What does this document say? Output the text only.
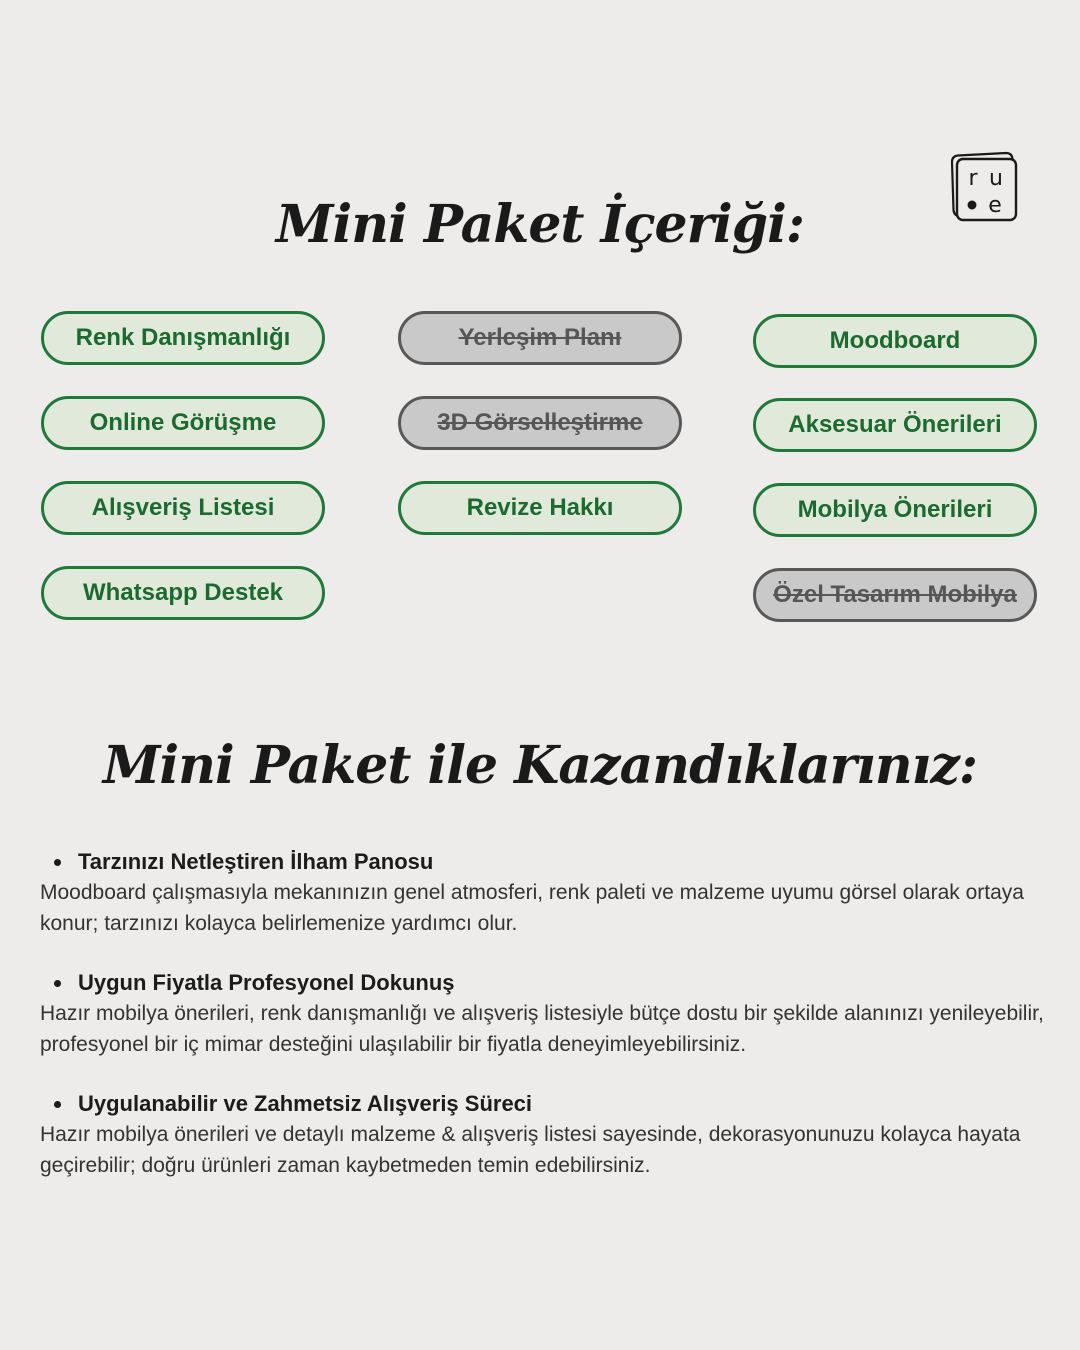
r u
e
Mini Paket İçeriği:
Renk Danışmanlığı
Online Görüşme
Alışveriş Listesi
Whatsapp Destek
Yerleşim Planı
3D Görselleştirme
Revize Hakkı
Moodboard
Aksesuar Önerileri
Mobilya Önerileri
Özel Tasarım Mobilya
Mini Paket ile Kazandıklarınız:
Tarzınızı Netleştiren İlham Panosu

Moodboard çalışmasıyla mekanınızın genel atmosferi, renk paleti ve malzeme uyumu görsel olarak ortaya konur; tarzınızı kolayca belirlemenize yardımcı olur.

Uygun Fiyatla Profesyonel Dokunuş

Hazır mobilya önerileri, renk danışmanlığı ve alışveriş listesiyle bütçe dostu bir şekilde alanınızı yenileyebilir, profesyonel bir iç mimar desteğini ulaşılabilir bir fiyatla deneyimleyebilirsiniz.

Uygulanabilir ve Zahmetsiz Alışveriş Süreci

Hazır mobilya önerileri ve detaylı malzeme & alışveriş listesi sayesinde, dekorasyonunuzu kolayca hayata geçirebilir; doğru ürünleri zaman kaybetmeden temin edebilirsiniz.
